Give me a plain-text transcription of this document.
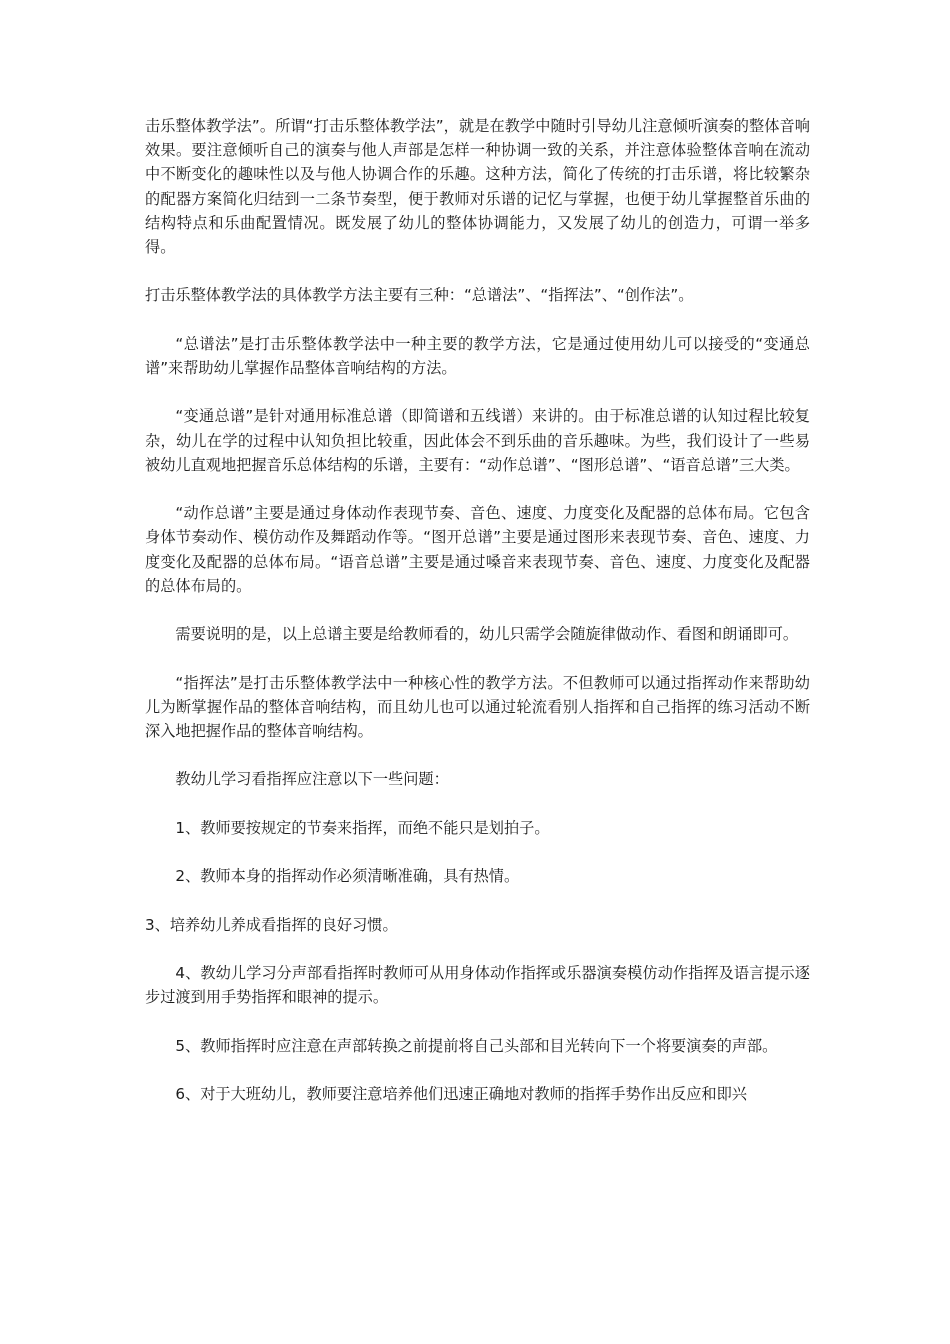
击乐整体教学法”。所谓“打击乐整体教学法”，就是在教学中随时引导幼儿注意倾听演奏的整体音响效果。要注意倾听自己的演奏与他人声部是怎样一种协调一致的关系，并注意体验整体音响在流动中不断变化的趣味性以及与他人协调合作的乐趣。这种方法，简化了传统的打击乐谱，将比较繁杂的配器方案简化归结到一二条节奏型，便于教师对乐谱的记忆与掌握，也便于幼儿掌握整首乐曲的结构特点和乐曲配置情况。既发展了幼儿的整体协调能力，又发展了幼儿的创造力，可谓一举多得。

打击乐整体教学法的具体教学方法主要有三种：“总谱法”、“指挥法”、“创作法”。

“总谱法”是打击乐整体教学法中一种主要的教学方法，它是通过使用幼儿可以接受的“变通总谱”来帮助幼儿掌握作品整体音响结构的方法。

“变通总谱”是针对通用标准总谱（即简谱和五线谱）来讲的。由于标准总谱的认知过程比较复杂，幼儿在学的过程中认知负担比较重，因此体会不到乐曲的音乐趣味。为些，我们设计了一些易被幼儿直观地把握音乐总体结构的乐谱，主要有：“动作总谱”、“图形总谱”、“语音总谱”三大类。

“动作总谱”主要是通过身体动作表现节奏、音色、速度、力度变化及配器的总体布局。它包含身体节奏动作、模仿动作及舞蹈动作等。“图开总谱”主要是通过图形来表现节奏、音色、速度、力度变化及配器的总体布局。“语音总谱”主要是通过嗓音来表现节奏、音色、速度、力度变化及配器的总体布局的。

需要说明的是，以上总谱主要是给教师看的，幼儿只需学会随旋律做动作、看图和朗诵即可。

“指挥法”是打击乐整体教学法中一种核心性的教学方法。不但教师可以通过指挥动作来帮助幼儿为断掌握作品的整体音响结构，而且幼儿也可以通过轮流看别人指挥和自己指挥的练习活动不断深入地把握作品的整体音响结构。

教幼儿学习看指挥应注意以下一些问题：

1、教师要按规定的节奏来指挥，而绝不能只是划拍子。

2、教师本身的指挥动作必须清晰准确，具有热情。

3、培养幼儿养成看指挥的良好习惯。

4、教幼儿学习分声部看指挥时教师可从用身体动作指挥或乐器演奏模仿动作指挥及语言提示逐步过渡到用手势指挥和眼神的提示。

5、教师指挥时应注意在声部转换之前提前将自己头部和目光转向下一个将要演奏的声部。

6、对于大班幼儿，教师要注意培养他们迅速正确地对教师的指挥手势作出反应和即兴
